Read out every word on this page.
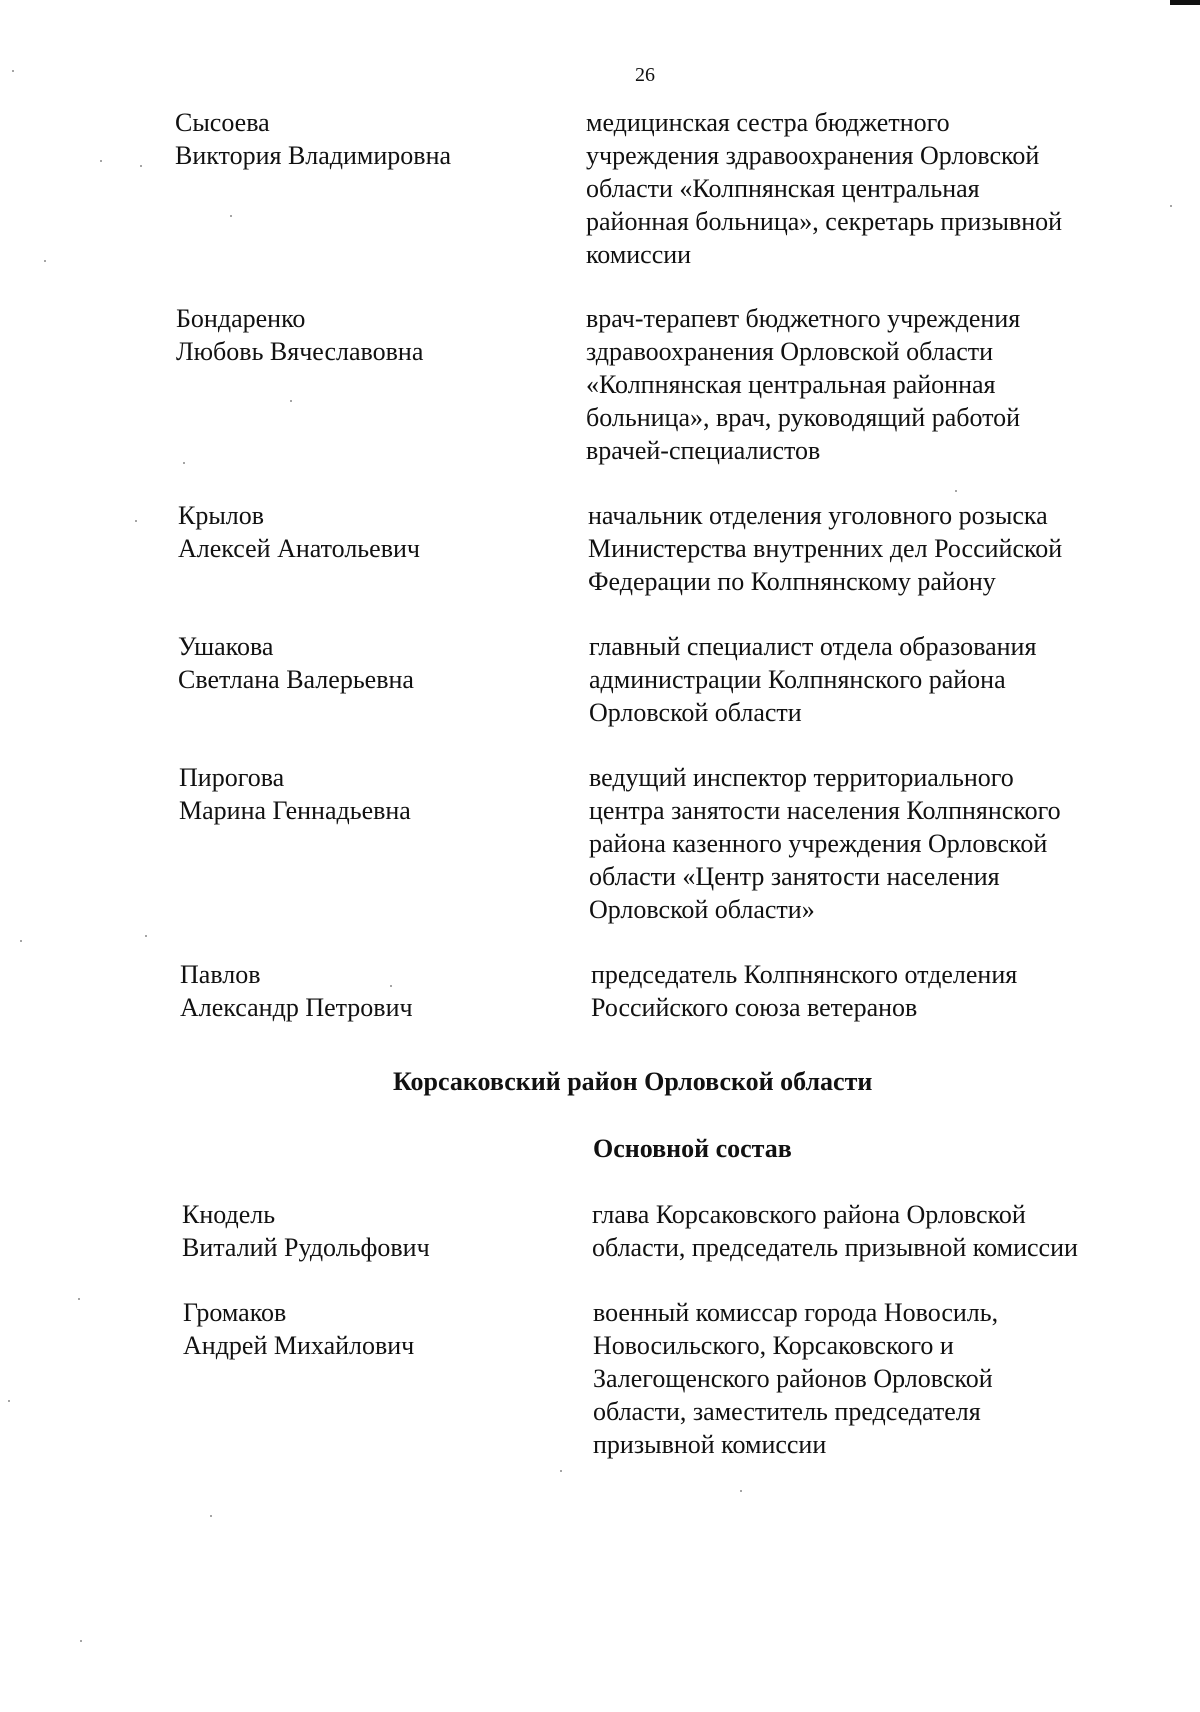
26
Сысоева
Виктория Владимировна
медицинская сестра бюджетного
учреждения здравоохранения Орловской
области «Колпнянская центральная
районная больница», секретарь призывной
комиссии
Бондаренко
Любовь Вячеславовна
врач-терапевт бюджетного учреждения
здравоохранения Орловской области
«Колпнянская центральная районная
больница», врач, руководящий работой
врачей-специалистов
Крылов
Алексей Анатольевич
начальник отделения уголовного розыска
Министерства внутренних дел Российской
Федерации по Колпнянскому району
Ушакова
Светлана Валерьевна
главный специалист отдела образования
администрации Колпнянского района
Орловской области
Пирогова
Марина Геннадьевна
ведущий инспектор территориального
центра занятости населения Колпнянского
района казенного учреждения Орловской
области «Центр занятости населения
Орловской области»
Павлов
Александр Петрович
председатель Колпнянского отделения
Российского союза ветеранов
Корсаковский район Орловской области
Основной состав
Кнодель
Виталий Рудольфович
глава Корсаковского района Орловской
области, председатель призывной комиссии
Громаков
Андрей Михайлович
военный комиссар города Новосиль,
Новосильского, Корсаковского и
Залегощенского районов Орловской
области, заместитель председателя
призывной комиссии
